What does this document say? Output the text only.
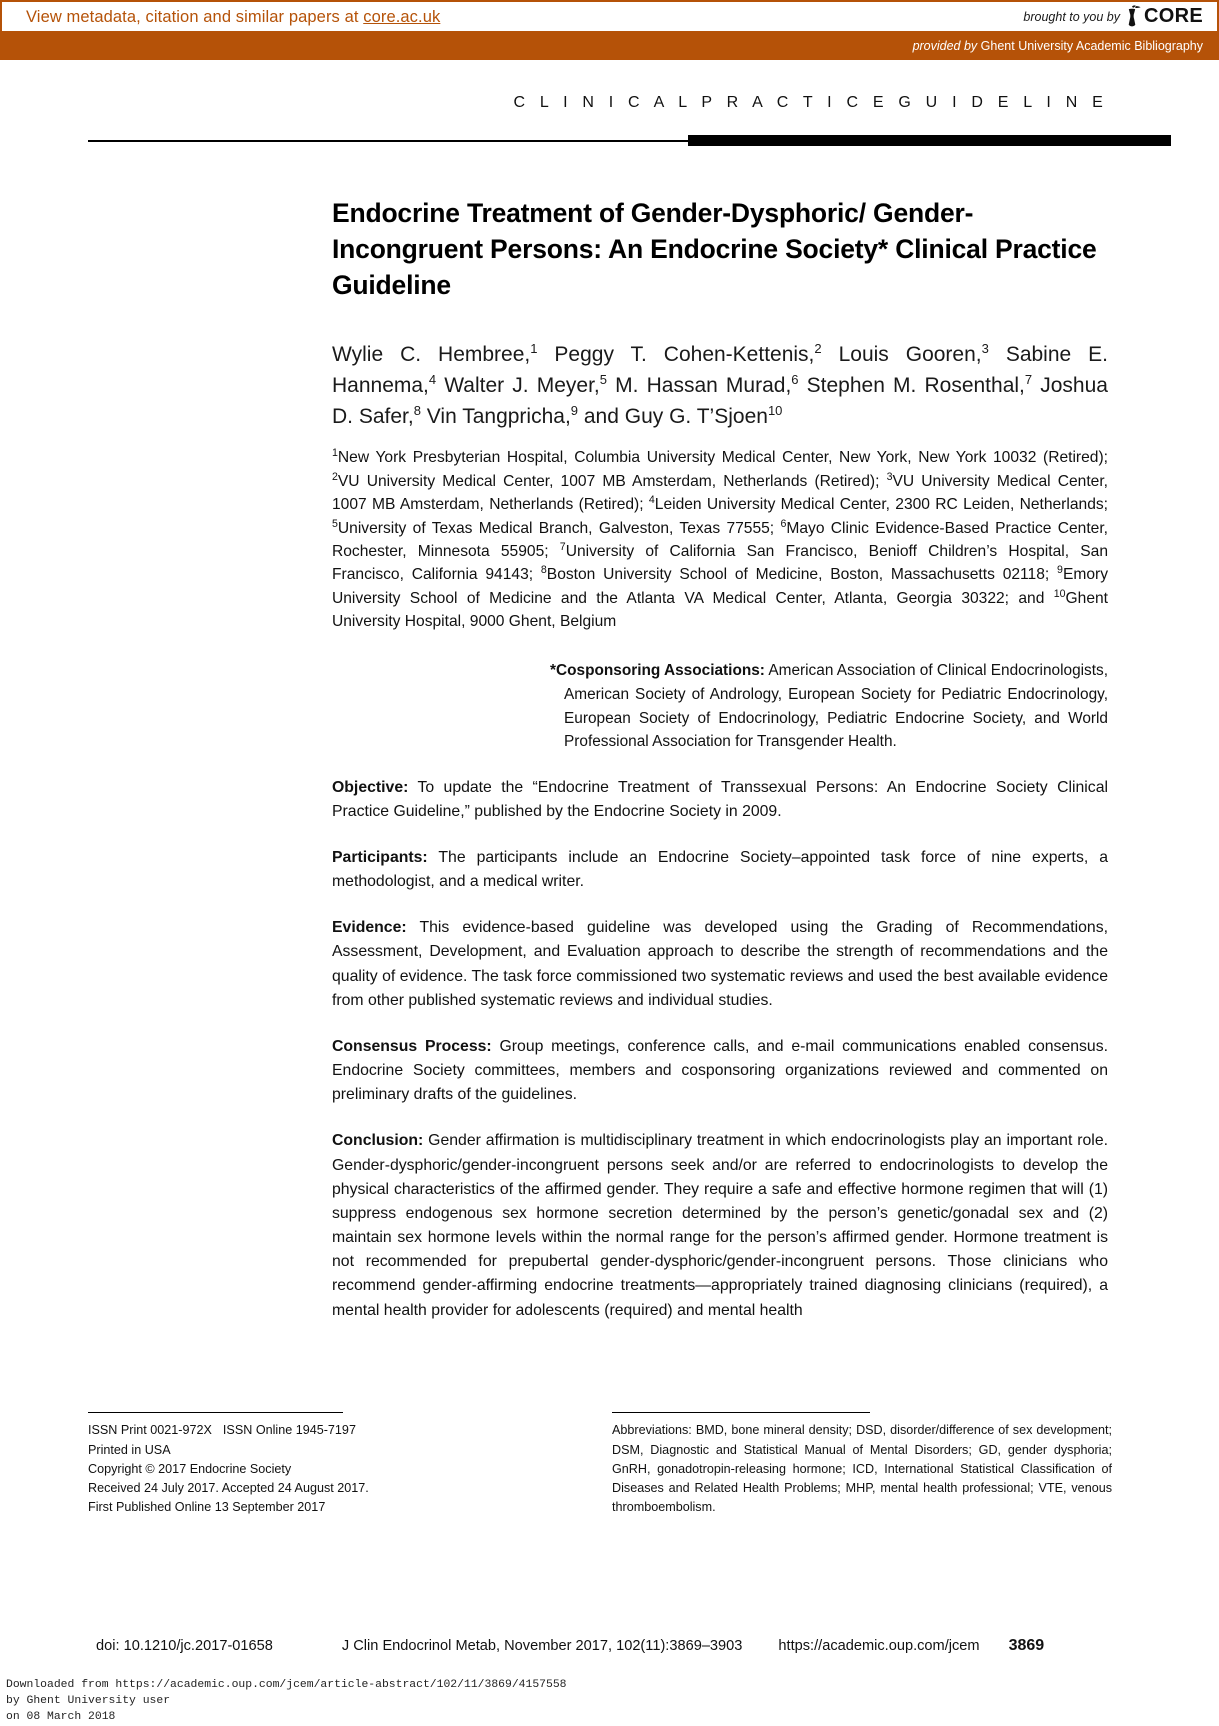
View metadata, citation and similar papers at core.ac.uk	brought to you by CORE
provided by Ghent University Academic Bibliography
C L I N I C A L P R A C T I C E G U I D E L I N E
Endocrine Treatment of Gender-Dysphoric/ Gender-Incongruent Persons: An Endocrine Society* Clinical Practice Guideline
Wylie C. Hembree,$^1$ Peggy T. Cohen-Kettenis,$^2$ Louis Gooren,$^3$ Sabine E. Hannema,$^4$ Walter J. Meyer,$^5$ M. Hassan Murad,$^6$ Stephen M. Rosenthal,$^7$ Joshua D. Safer,$^8$ Vin Tangpricha,$^9$ and Guy G. T’Sjoen$^{10}$
$^1$New York Presbyterian Hospital, Columbia University Medical Center, New York, New York 10032 (Retired); $^2$VU University Medical Center, 1007 MB Amsterdam, Netherlands (Retired); $^3$VU University Medical Center, 1007 MB Amsterdam, Netherlands (Retired); $^4$Leiden University Medical Center, 2300 RC Leiden, Netherlands; $^5$University of Texas Medical Branch, Galveston, Texas 77555; $^6$Mayo Clinic Evidence-Based Practice Center, Rochester, Minnesota 55905; $^7$University of California San Francisco, Benioff Children’s Hospital, San Francisco, California 94143; $^8$Boston University School of Medicine, Boston, Massachusetts 02118; $^9$Emory University School of Medicine and the Atlanta VA Medical Center, Atlanta, Georgia 30322; and $^{10}$Ghent University Hospital, 9000 Ghent, Belgium
*Cosponsoring Associations: American Association of Clinical Endocrinologists, American Society of Andrology, European Society for Pediatric Endocrinology, European Society of Endocrinology, Pediatric Endocrine Society, and World Professional Association for Transgender Health.

Objective: To update the “Endocrine Treatment of Transsexual Persons: An Endocrine Society Clinical Practice Guideline,” published by the Endocrine Society in 2009.

Participants: The participants include an Endocrine Society–appointed task force of nine experts, a methodologist, and a medical writer.

Evidence: This evidence-based guideline was developed using the Grading of Recommendations, Assessment, Development, and Evaluation approach to describe the strength of recommendations and the quality of evidence. The task force commissioned two systematic reviews and used the best available evidence from other published systematic reviews and individual studies.

Consensus Process: Group meetings, conference calls, and e-mail communications enabled consensus. Endocrine Society committees, members and cosponsoring organizations reviewed and commented on preliminary drafts of the guidelines.

Conclusion: Gender affirmation is multidisciplinary treatment in which endocrinologists play an important role. Gender-dysphoric/gender-incongruent persons seek and/or are referred to endocrinologists to develop the physical characteristics of the affirmed gender. They require a safe and effective hormone regimen that will (1) suppress endogenous sex hormone secretion determined by the person’s genetic/gonadal sex and (2) maintain sex hormone levels within the normal range for the person’s affirmed gender. Hormone treatment is not recommended for prepubertal gender-dysphoric/gender-incongruent persons. Those clinicians who recommend gender-affirming endocrine treatments—appropriately trained diagnosing clinicians (required), a mental health provider for adolescents (required) and mental health

ISSN Print 0021-972X ISSN Online 1945-7197
Printed in USA
Copyright © 2017 Endocrine Society
Received 24 July 2017. Accepted 24 August 2017.
First Published Online 13 September 2017
Abbreviations: BMD, bone mineral density; DSD, disorder/difference of sex development; DSM, Diagnostic and Statistical Manual of Mental Disorders; GD, gender dysphoria; GnRH, gonadotropin-releasing hormone; ICD, International Statistical Classification of Diseases and Related Health Problems; MHP, mental health professional; VTE, venous thromboembolism.
doi: 10.1210/jc.2017-01658	J Clin Endocrinol Metab, November 2017, 102(11):3869–3903 https://academic.oup.com/jcem 3869
Downloaded from https://academic.oup.com/jcem/article-abstract/102/11/3869/4157558
by Ghent University user
on 08 March 2018
